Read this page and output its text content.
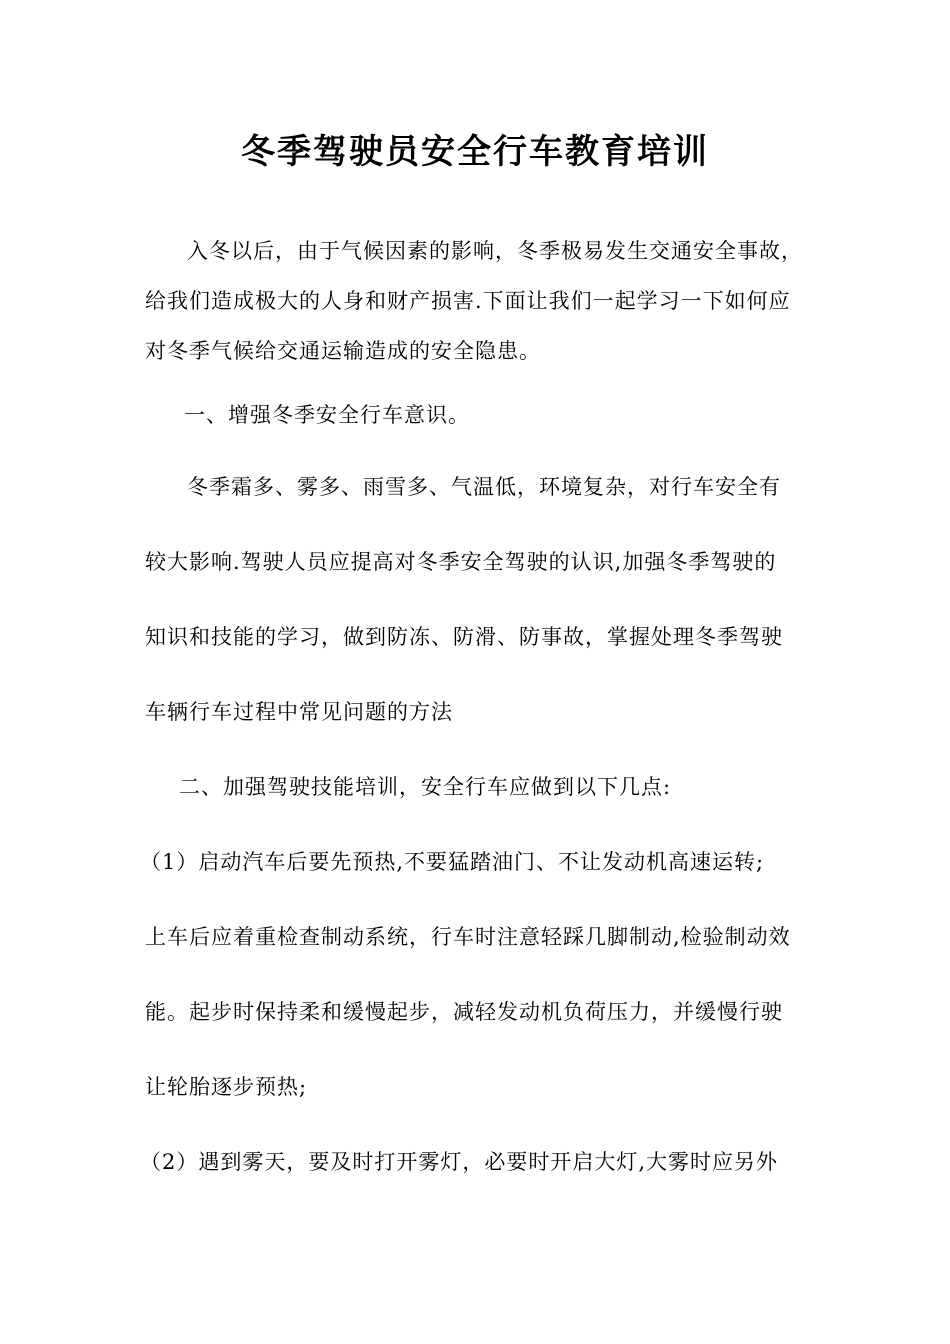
冬季驾驶员安全行车教育培训
入冬以后，由于气候因素的影响，冬季极易发生交通安全事故，
给我们造成极大的人身和财产损害.下面让我们一起学习一下如何应
对冬季气候给交通运输造成的安全隐患。
一、增强冬季安全行车意识。
冬季霜多、雾多、雨雪多、气温低，环境复杂，对行车安全有
较大影响.驾驶人员应提高对冬季安全驾驶的认识,加强冬季驾驶的
知识和技能的学习，做到防冻、防滑、防事故，掌握处理冬季驾驶
车辆行车过程中常见问题的方法
二、加强驾驶技能培训，安全行车应做到以下几点:
（1）启动汽车后要先预热,不要猛踏油门、不让发动机高速运转;
上车后应着重检查制动系统，行车时注意轻踩几脚制动,检验制动效
能。起步时保持柔和缓慢起步，减轻发动机负荷压力，并缓慢行驶
让轮胎逐步预热;
（2）遇到雾天，要及时打开雾灯，必要时开启大灯,大雾时应另外
